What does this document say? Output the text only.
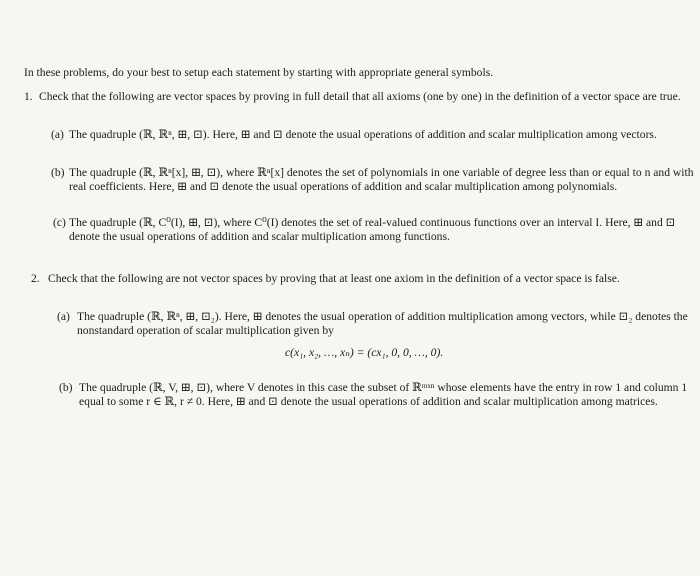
In these problems, do your best to setup each statement by starting with appropriate general symbols.
1. Check that the following are vector spaces by proving in full detail that all axioms (one by one) in the definition of a vector space are true.
(a) The quadruple (ℝ, ℝⁿ, ⊞, ⊡). Here, ⊞ and ⊡ denote the usual operations of addition and scalar multiplication among vectors.
(b) The quadruple (ℝ, ℝⁿ[x], ⊞, ⊡), where ℝⁿ[x] denotes the set of polynomials in one variable of degree less than or equal to n and with real coefficients. Here, ⊞ and ⊡ denote the usual operations of addition and scalar multiplication among polynomials.
(c) The quadruple (ℝ, C⁰(I), ⊞, ⊡), where C⁰(I) denotes the set of real-valued continuous functions over an interval I. Here, ⊞ and ⊡ denote the usual operations of addition and scalar multiplication among functions.
2. Check that the following are not vector spaces by proving that at least one axiom in the definition of a vector space is false.
(a) The quadruple (ℝ, ℝⁿ, ⊞, ⊡₂). Here, ⊞ denotes the usual operation of addition multiplication among vectors, while ⊡₂ denotes the nonstandard operation of scalar multiplication given by
c(x₁, x₂, …, xₙ) = (cx₁, 0, 0, …, 0).
(b) The quadruple (ℝ, V, ⊞, ⊡), where V denotes in this case the subset of ℝᵐˣⁿ whose elements have the entry in row 1 and column 1 equal to some r ∈ ℝ, r ≠ 0. Here, ⊞ and ⊡ denote the usual operations of addition and scalar multiplication among matrices.
